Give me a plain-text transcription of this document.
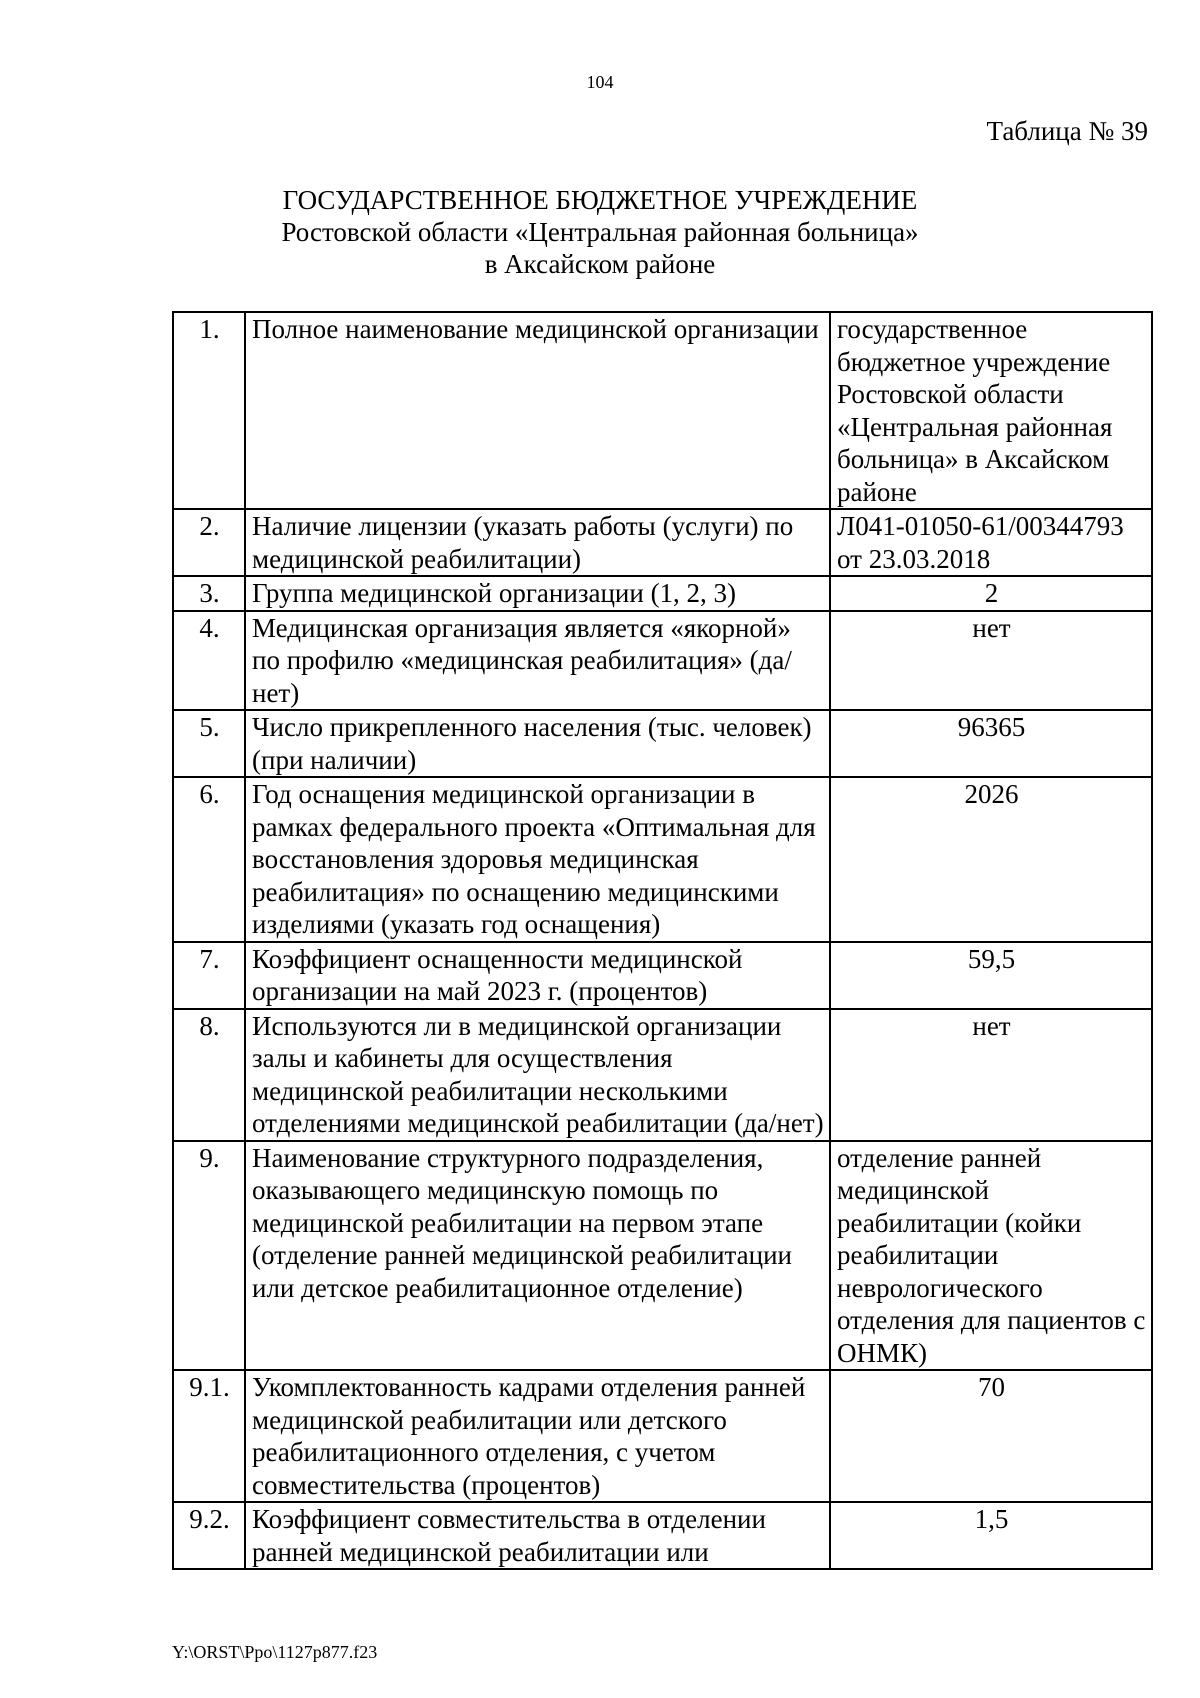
104
Таблица № 39
ГОСУДАРСТВЕННОЕ БЮДЖЕТНОЕ УЧРЕЖДЕНИЕ
Ростовской области «Центральная районная больница»
в Аксайском районе
1.	Полное наименование медицинской организации	государственное бюджетное учреждение Ростовской области «Центральная районная больница» в Аксайском районе
2.	Наличие лицензии (указать работы (услуги) по медицинской реабилитации)	Л041-01050-61/00344793 от 23.03.2018
3.	Группа медицинской организации (1, 2, 3)	2
4.	Медицинская организация является «якорной» по профилю «медицинская реабилитация» (да/нет)	нет
5.	Число прикрепленного населения (тыс. человек) (при наличии)	96365
6.	Год оснащения медицинской организации в рамках федерального проекта «Оптимальная для восстановления здоровья медицинская реабилитация» по оснащению медицинскими изделиями (указать год оснащения)	2026
7.	Коэффициент оснащенности медицинской организации на май 2023 г. (процентов)	59,5
8.	Используются ли в медицинской организации залы и кабинеты для осуществления медицинской реабилитации несколькими отделениями медицинской реабилитации (да/нет)	нет
9.	Наименование структурного подразделения, оказывающего медицинскую помощь по медицинской реабилитации на первом этапе (отделение ранней медицинской реабилитации или детское реабилитационное отделение)	отделение ранней медицинской реабилитации (койки реабилитации неврологического отделения для пациентов с ОНМК)
9.1.	Укомплектованность кадрами отделения ранней медицинской реабилитации или детского реабилитационного отделения, с учетом совместительства (процентов)	70
9.2.	Коэффициент совместительства в отделении ранней медицинской реабилитации или	1,5
Y:\ORST\Ppo\1127p877.f23
